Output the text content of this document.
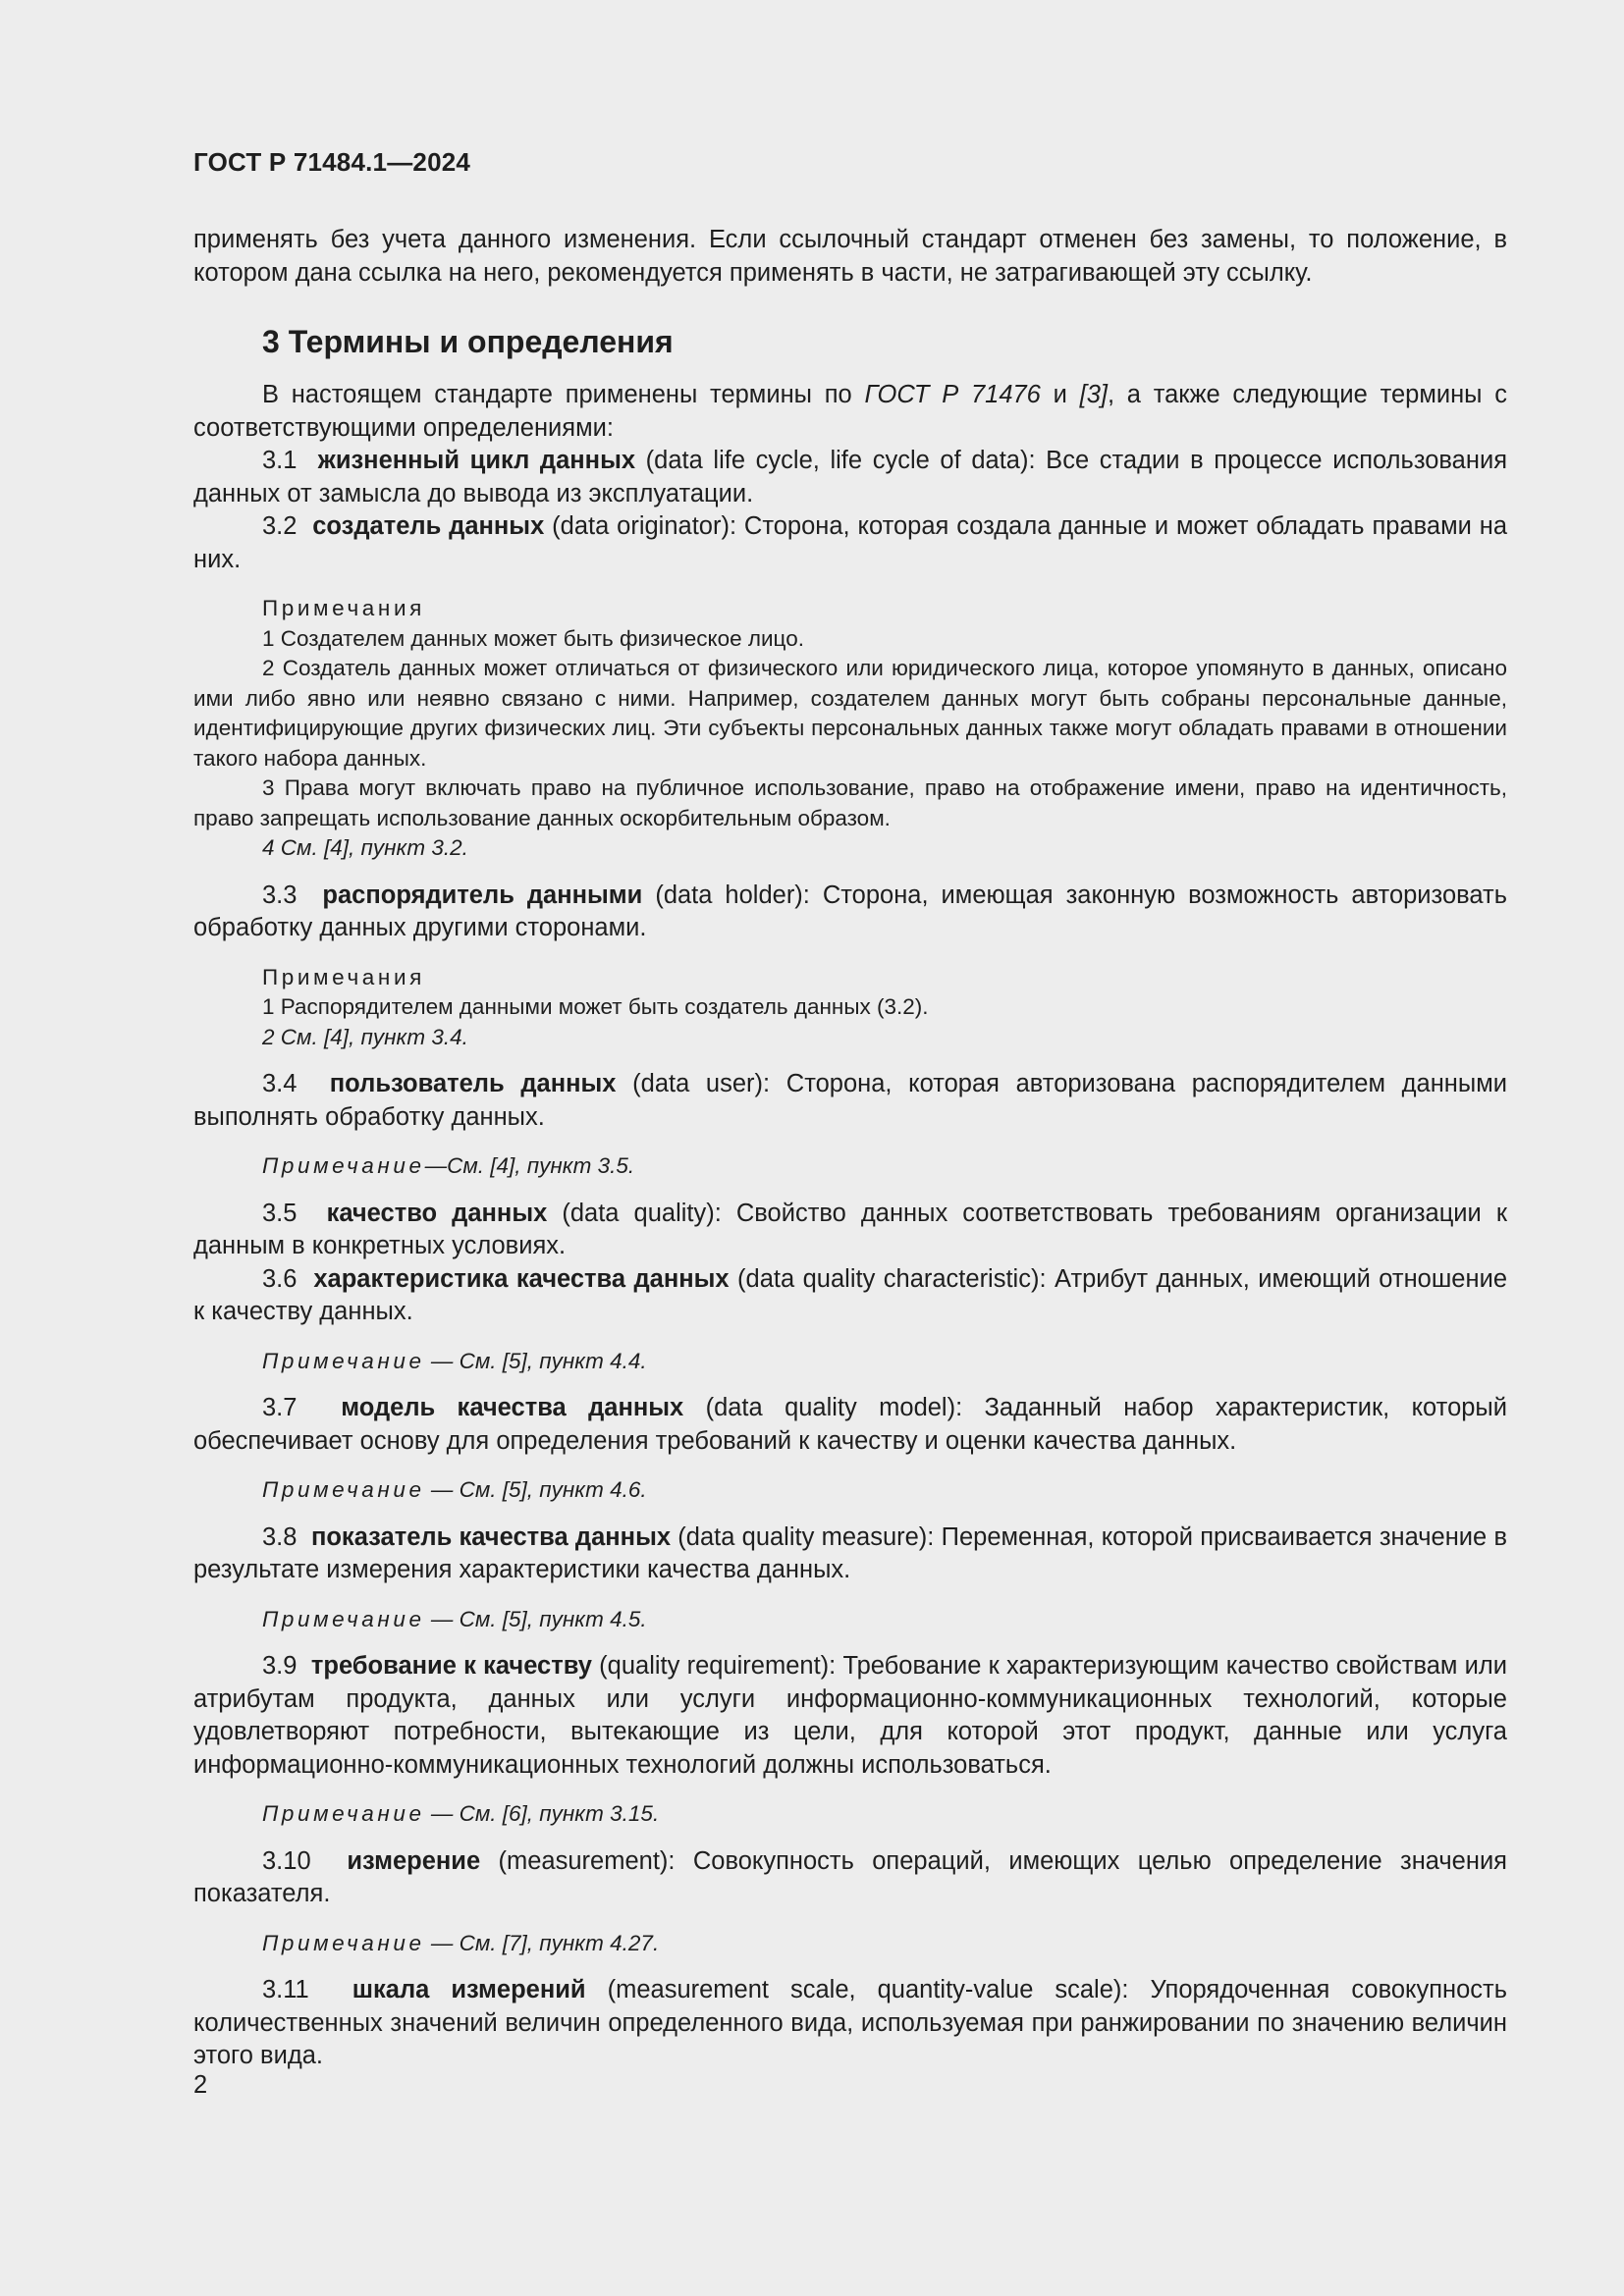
ГОСТ Р 71484.1—2024

применять без учета данного изменения. Если ссылочный стандарт отменен без замены, то положение, в котором дана ссылка на него, рекомендуется применять в части, не затрагивающей эту ссылку.

3 Термины и определения

В настоящем стандарте применены термины по ГОСТ Р 71476 и [3], а также следующие термины с соответствующими определениями:

3.1 жизненный цикл данных (data life cycle, life cycle of data): Все стадии в процессе использования данных от замысла до вывода из эксплуатации.

3.2 создатель данных (data originator): Сторона, которая создала данные и может обладать правами на них.

Примечания

1 Создателем данных может быть физическое лицо.

2 Создатель данных может отличаться от физического или юридического лица, которое упомянуто в данных, описано ими либо явно или неявно связано с ними. Например, создателем данных могут быть собраны персональные данные, идентифицирующие других физических лиц. Эти субъекты персональных данных также могут обладать правами в отношении такого набора данных.

3 Права могут включать право на публичное использование, право на отображение имени, право на идентичность, право запрещать использование данных оскорбительным образом.

4 См. [4], пункт 3.2.

3.3 распорядитель данными (data holder): Сторона, имеющая законную возможность авторизовать обработку данных другими сторонами.

Примечания

1 Распорядителем данными может быть создатель данных (3.2).

2 См. [4], пункт 3.4.

3.4 пользователь данных (data user): Сторона, которая авторизована распорядителем данными выполнять обработку данных.

Примечание—См. [4], пункт 3.5.

3.5 качество данных (data quality): Свойство данных соответствовать требованиям организации к данным в конкретных условиях.

3.6 характеристика качества данных (data quality characteristic): Атрибут данных, имеющий отношение к качеству данных.

Примечание — См. [5], пункт 4.4.

3.7 модель качества данных (data quality model): Заданный набор характеристик, который обеспечивает основу для определения требований к качеству и оценки качества данных.

Примечание — См. [5], пункт 4.6.

3.8 показатель качества данных (data quality measure): Переменная, которой присваивается значение в результате измерения характеристики качества данных.

Примечание — См. [5], пункт 4.5.

3.9 требование к качеству (quality requirement): Требование к характеризующим качество свойствам или атрибутам продукта, данных или услуги информационно-коммуникационных технологий, которые удовлетворяют потребности, вытекающие из цели, для которой этот продукт, данные или услуга информационно-коммуникационных технологий должны использоваться.

Примечание — См. [6], пункт 3.15.

3.10 измерение (measurement): Совокупность операций, имеющих целью определение значения показателя.

Примечание — См. [7], пункт 4.27.

3.11 шкала измерений (measurement scale, quantity-value scale): Упорядоченная совокупность количественных значений величин определенного вида, используемая при ранжировании по значению величин этого вида.

2
